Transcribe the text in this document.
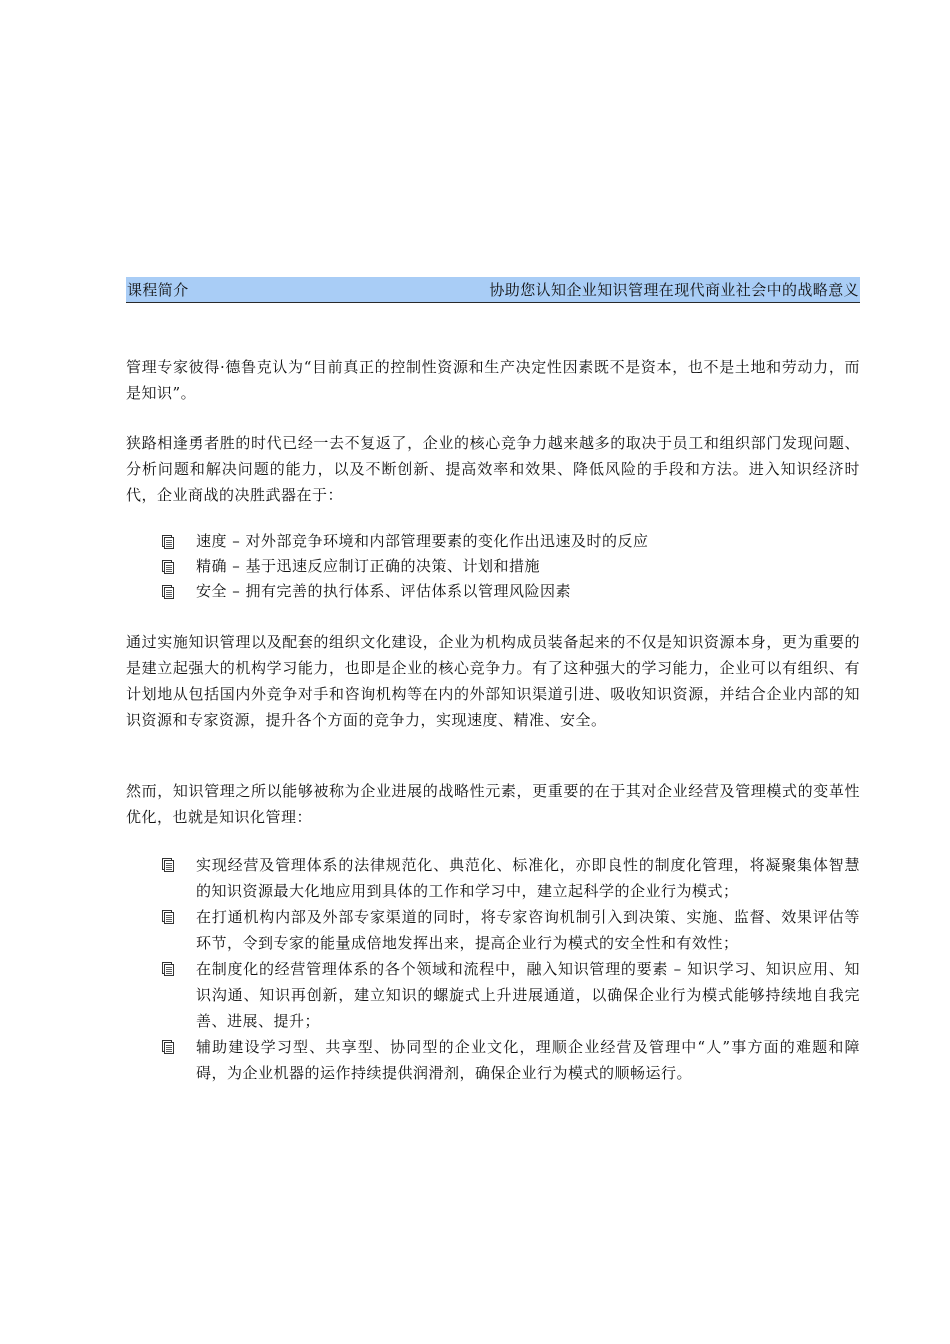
课程简介	协助您认知企业知识管理在现代商业社会中的战略意义

管理专家彼得·德鲁克认为“目前真正的控制性资源和生产决定性因素既不是资本，也不是土地和劳动力，而是知识”。

狭路相逢勇者胜的时代已经一去不复返了，企业的核心竞争力越来越多的取决于员工和组织部门发现问题、分析问题和解决问题的能力，以及不断创新、提高效率和效果、降低风险的手段和方法。进入知识经济时代，企业商战的决胜武器在于：

速度 – 对外部竞争环境和内部管理要素的变化作出迅速及时的反应
精确 – 基于迅速反应制订正确的决策、计划和措施
安全 – 拥有完善的执行体系、评估体系以管理风险因素

通过实施知识管理以及配套的组织文化建设，企业为机构成员装备起来的不仅是知识资源本身，更为重要的是建立起强大的机构学习能力，也即是企业的核心竞争力。有了这种强大的学习能力，企业可以有组织、有计划地从包括国内外竞争对手和咨询机构等在内的外部知识渠道引进、吸收知识资源，并结合企业内部的知识资源和专家资源，提升各个方面的竞争力，实现速度、精准、安全。

然而，知识管理之所以能够被称为企业进展的战略性元素，更重要的在于其对企业经营及管理模式的变革性优化，也就是知识化管理：

实现经营及管理体系的法律规范化、典范化、标准化，亦即良性的制度化管理，将凝聚集体智慧的知识资源最大化地应用到具体的工作和学习中，建立起科学的企业行为模式；
在打通机构内部及外部专家渠道的同时，将专家咨询机制引入到决策、实施、监督、效果评估等环节，令到专家的能量成倍地发挥出来，提高企业行为模式的安全性和有效性；
在制度化的经营管理体系的各个领域和流程中，融入知识管理的要素 – 知识学习、知识应用、知识沟通、知识再创新，建立知识的螺旋式上升进展通道，以确保企业行为模式能够持续地自我完善、进展、提升；
辅助建设学习型、共享型、协同型的企业文化，理顺企业经营及管理中“人”事方面的难题和障碍，为企业机器的运作持续提供润滑剂，确保企业行为模式的顺畅运行。
